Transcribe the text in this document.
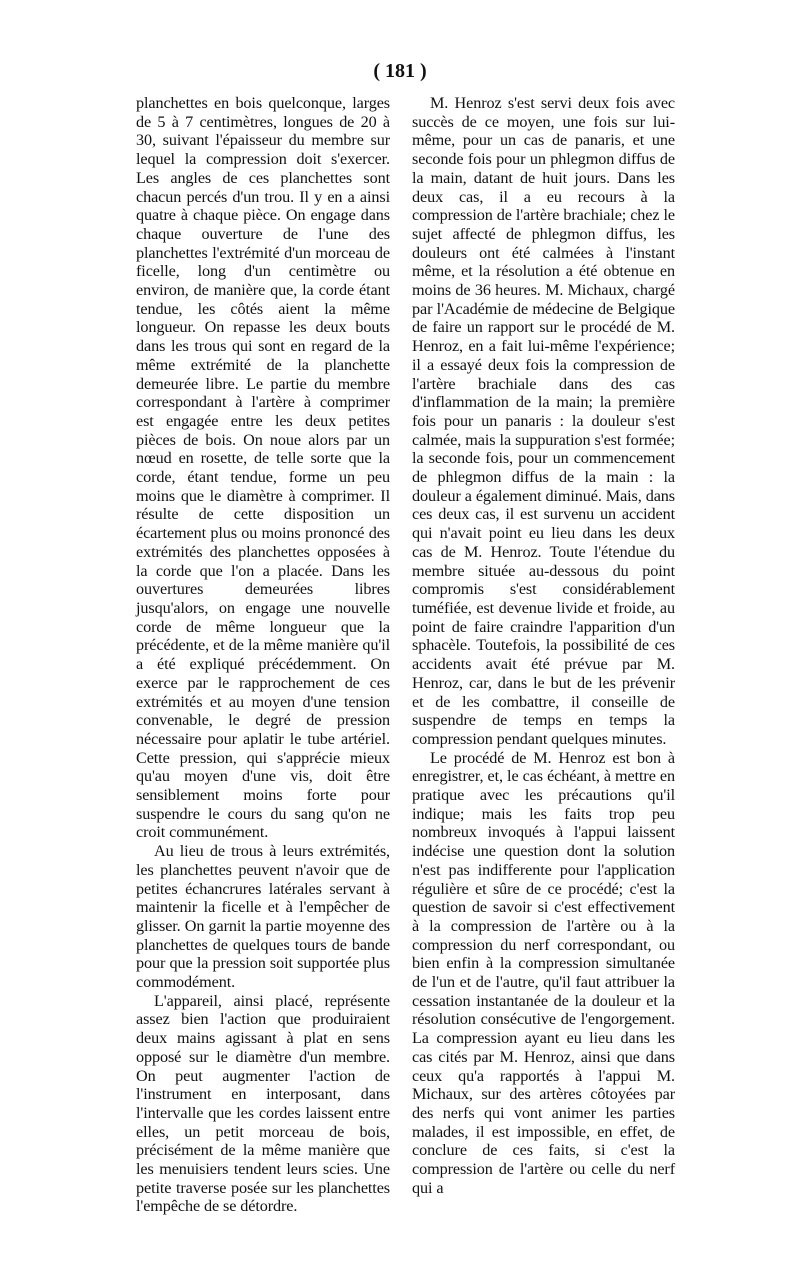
( 181 )

planchettes en bois quelconque, larges de 5 à 7 centimètres, longues de 20 à 30, suivant l'épaisseur du membre sur lequel la compression doit s'exercer. Les angles de ces planchettes sont chacun percés d'un trou. Il y en a ainsi quatre à chaque pièce. On engage dans chaque ouverture de l'une des planchettes l'extrémité d'un morceau de ficelle, long d'un centimètre ou environ, de manière que, la corde étant tendue, les côtés aient la même longueur. On repasse les deux bouts dans les trous qui sont en regard de la même extrémité de la planchette demeurée libre. Le partie du membre correspondant à l'artère à comprimer est engagée entre les deux petites pièces de bois. On noue alors par un nœud en rosette, de telle sorte que la corde, étant tendue, forme un peu moins que le diamètre à comprimer. Il résulte de cette disposition un écartement plus ou moins prononcé des extrémités des planchettes opposées à la corde que l'on a placée. Dans les ouvertures demeurées libres jusqu'alors, on engage une nouvelle corde de même longueur que la précédente, et de la même manière qu'il a été expliqué précédemment. On exerce par le rapprochement de ces extrémités et au moyen d'une tension convenable, le degré de pression nécessaire pour aplatir le tube artériel. Cette pression, qui s'apprécie mieux qu'au moyen d'une vis, doit être sensiblement moins forte pour suspendre le cours du sang qu'on ne croit communément.

Au lieu de trous à leurs extrémités, les planchettes peuvent n'avoir que de petites échancrures latérales servant à maintenir la ficelle et à l'empêcher de glisser. On garnit la partie moyenne des planchettes de quelques tours de bande pour que la pression soit supportée plus commodément.

L'appareil, ainsi placé, représente assez bien l'action que produiraient deux mains agissant à plat en sens opposé sur le diamètre d'un membre. On peut augmenter l'action de l'instrument en interposant, dans l'intervalle que les cordes laissent entre elles, un petit morceau de bois, précisément de la même manière que les menuisiers tendent leurs scies. Une petite traverse posée sur les planchettes l'empêche de se détordre.

M. Henroz s'est servi deux fois avec succès de ce moyen, une fois sur lui-même, pour un cas de panaris, et une seconde fois pour un phlegmon diffus de la main, datant de huit jours. Dans les deux cas, il a eu recours à la compression de l'artère brachiale; chez le sujet affecté de phlegmon diffus, les douleurs ont été calmées à l'instant même, et la résolution a été obtenue en moins de 36 heures. M. Michaux, chargé par l'Académie de médecine de Belgique de faire un rapport sur le procédé de M. Henroz, en a fait lui-même l'expérience; il a essayé deux fois la compression de l'artère brachiale dans des cas d'inflammation de la main; la première fois pour un panaris : la douleur s'est calmée, mais la suppuration s'est formée; la seconde fois, pour un commencement de phlegmon diffus de la main : la douleur a également diminué. Mais, dans ces deux cas, il est survenu un accident qui n'avait point eu lieu dans les deux cas de M. Henroz. Toute l'étendue du membre située au-dessous du point compromis s'est considérablement tuméfiée, est devenue livide et froide, au point de faire craindre l'apparition d'un sphacèle. Toutefois, la possibilité de ces accidents avait été prévue par M. Henroz, car, dans le but de les prévenir et de les combattre, il conseille de suspendre de temps en temps la compression pendant quelques minutes.

Le procédé de M. Henroz est bon à enregistrer, et, le cas échéant, à mettre en pratique avec les précautions qu'il indique; mais les faits trop peu nombreux invoqués à l'appui laissent indécise une question dont la solution n'est pas indifferente pour l'application régulière et sûre de ce procédé; c'est la question de savoir si c'est effectivement à la compression de l'artère ou à la compression du nerf correspondant, ou bien enfin à la compression simultanée de l'un et de l'autre, qu'il faut attribuer la cessation instantanée de la douleur et la résolution consécutive de l'engorgement. La compression ayant eu lieu dans les cas cités par M. Henroz, ainsi que dans ceux qu'a rapportés à l'appui M. Michaux, sur des artères côtoyées par des nerfs qui vont animer les parties malades, il est impossible, en effet, de conclure de ces faits, si c'est la compression de l'artère ou celle du nerf qui a
